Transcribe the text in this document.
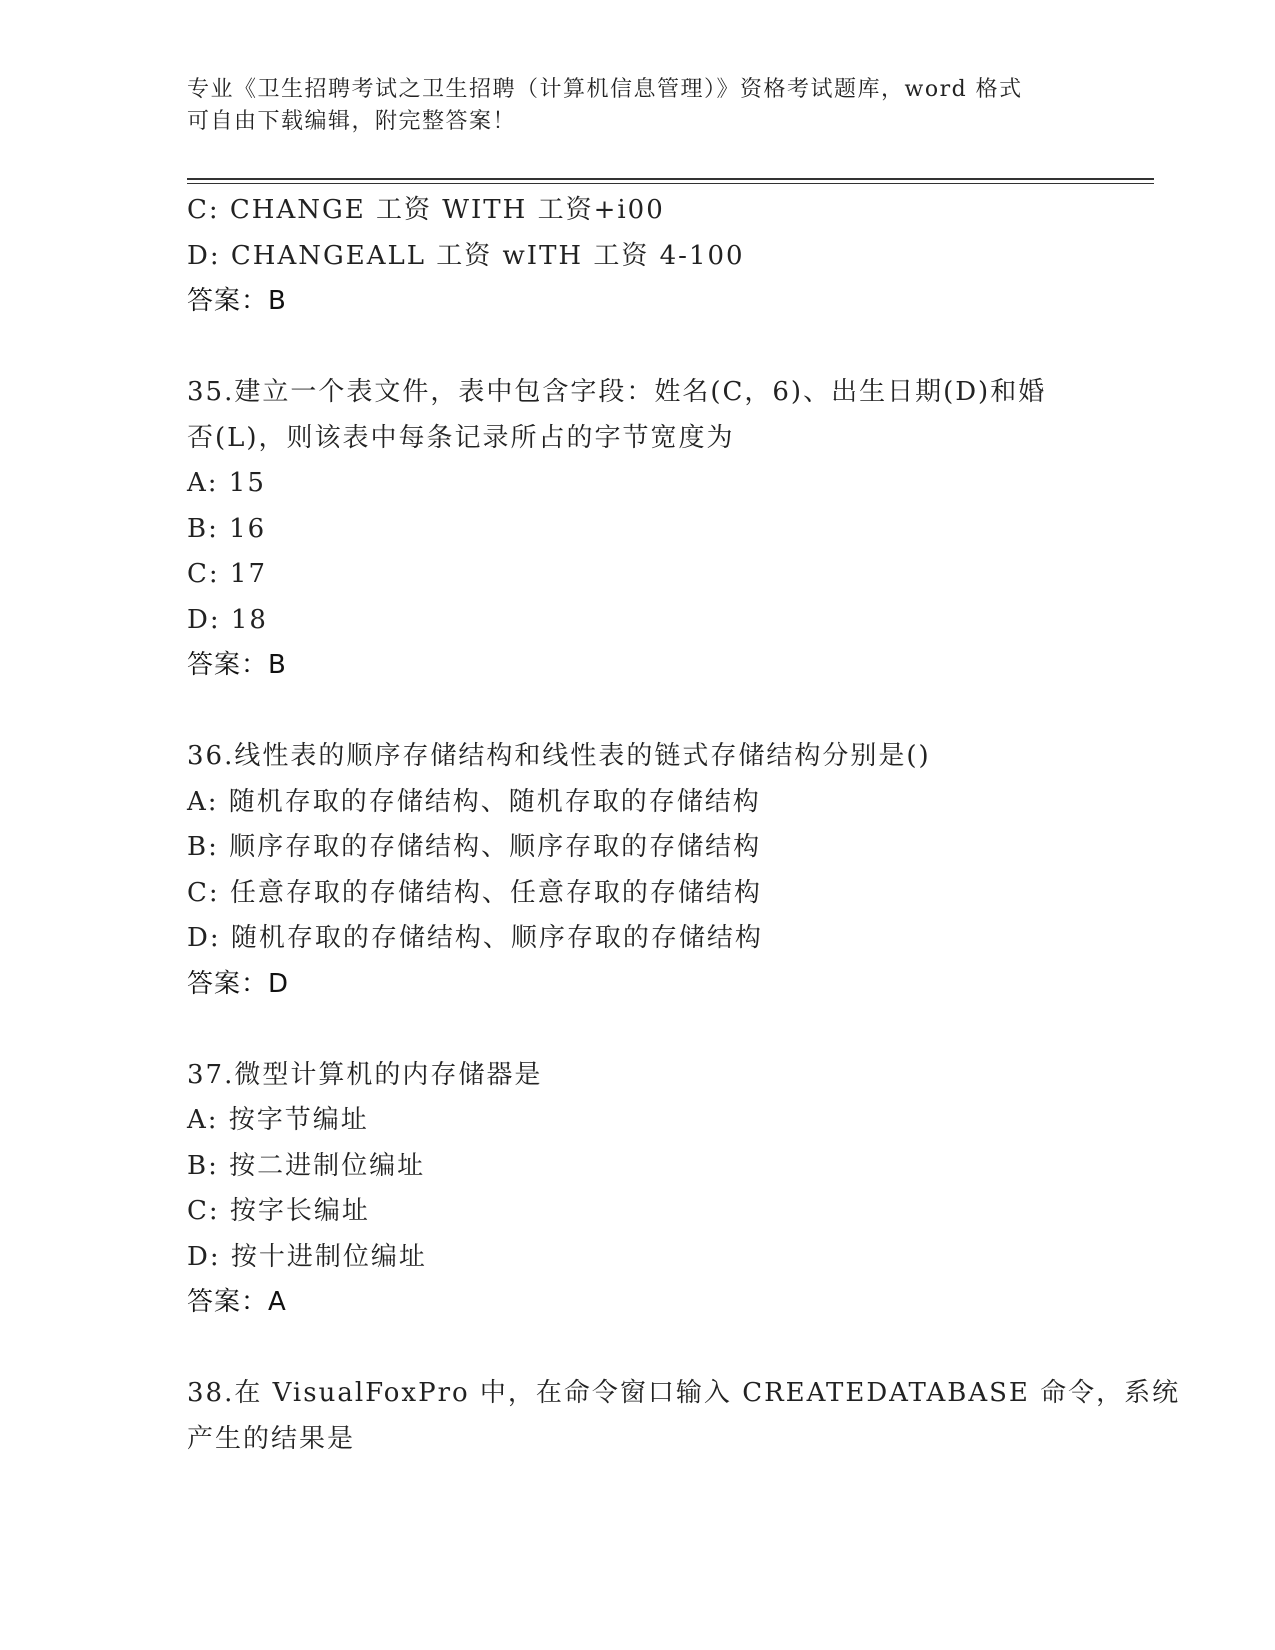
专业《卫生招聘考试之卫生招聘（计算机信息管理）》资格考试题库，word 格式
可自由下载编辑，附完整答案！
C: CHANGE 工资 WITH 工资+i00
D: CHANGEALL 工资 wITH 工资 4-100
答案：B
35.建立一个表文件，表中包含字段：姓名(C，6)、出生日期(D)和婚
否(L)，则该表中每条记录所占的字节宽度为
A: 15
B: 16
C: 17
D: 18
答案：B
36.线性表的顺序存储结构和线性表的链式存储结构分别是()
A: 随机存取的存储结构、随机存取的存储结构
B: 顺序存取的存储结构、顺序存取的存储结构
C: 任意存取的存储结构、任意存取的存储结构
D: 随机存取的存储结构、顺序存取的存储结构
答案：D
37.微型计算机的内存储器是
A: 按字节编址
B: 按二进制位编址
C: 按字长编址
D: 按十进制位编址
答案：A
38.在 VisualFoxPro 中，在命令窗口输入 CREATEDATABASE 命令，系统
产生的结果是
